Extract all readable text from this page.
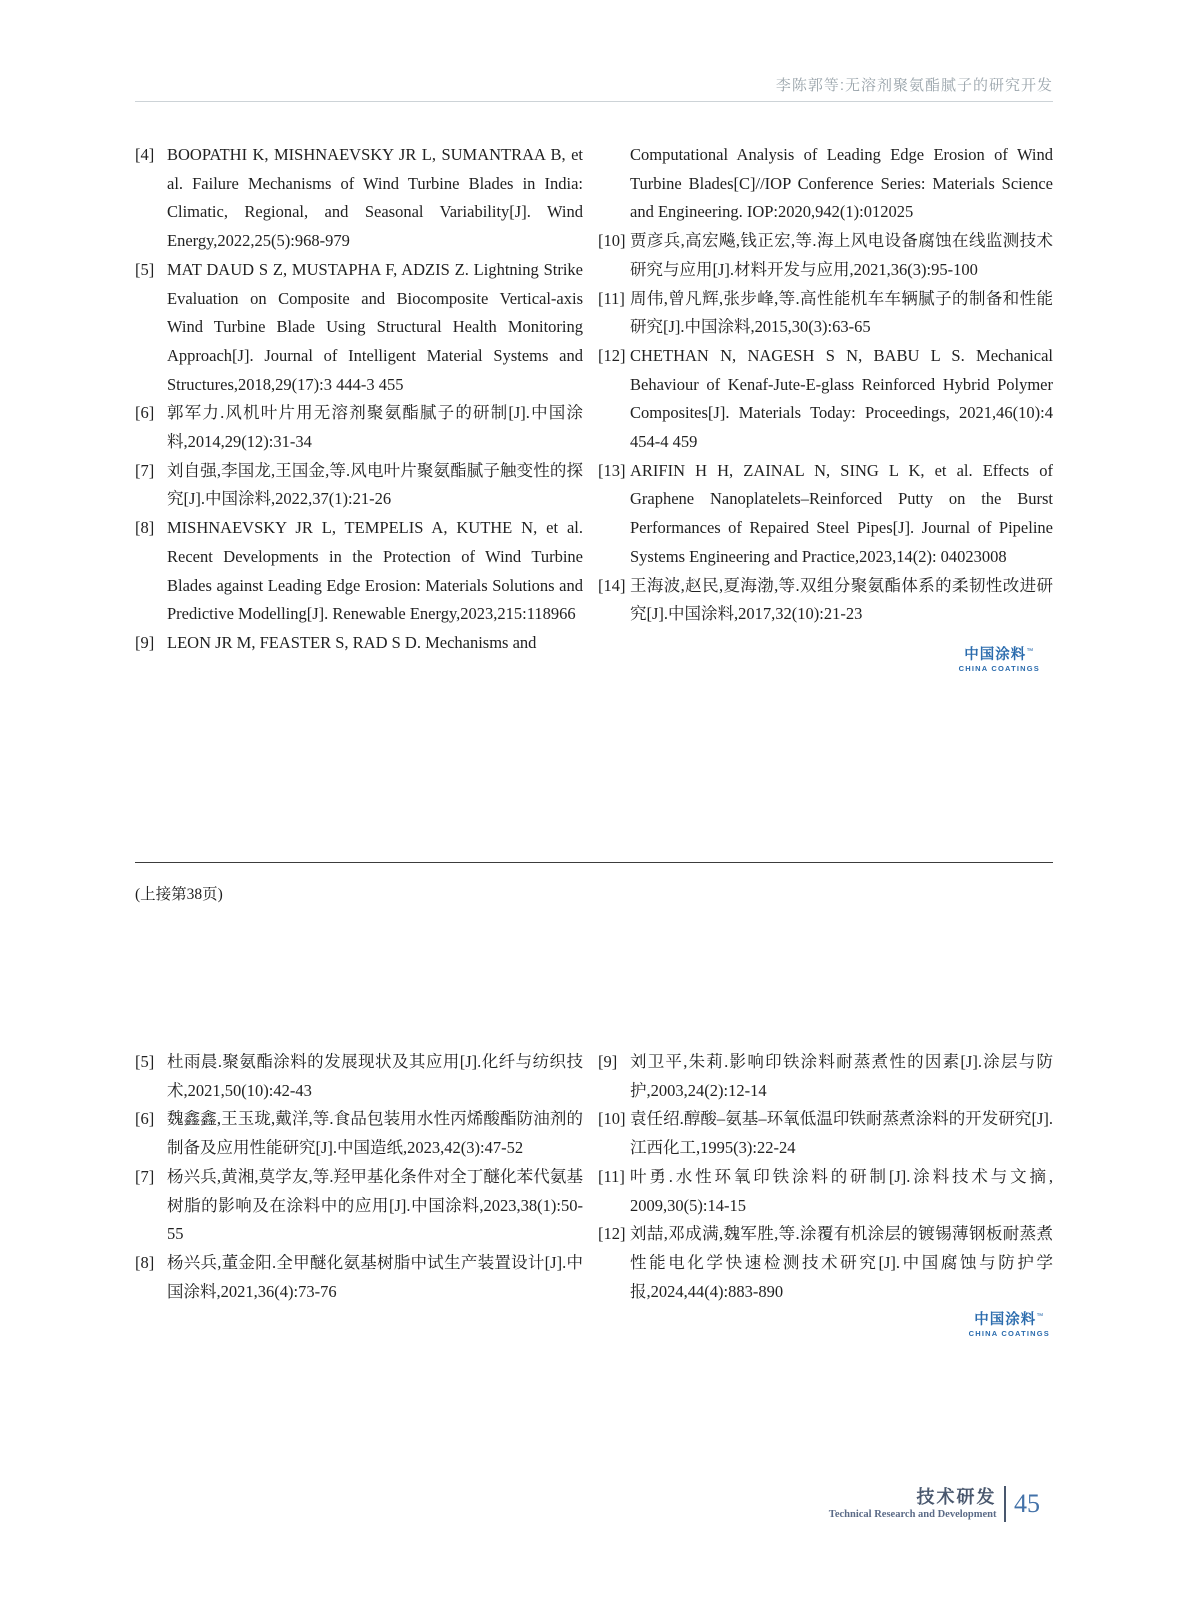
李陈郭等:无溶剂聚氨酯腻子的研究开发
[4] BOOPATHI K, MISHNAEVSKY JR L, SUMANTRAA B, et al. Failure Mechanisms of Wind Turbine Blades in India: Climatic, Regional, and Seasonal Variability[J]. Wind Energy,2022,25(5):968-979
[5] MAT DAUD S Z, MUSTAPHA F, ADZIS Z. Lightning Strike Evaluation on Composite and Biocomposite Vertical-axis Wind Turbine Blade Using Structural Health Monitoring Approach[J]. Journal of Intelligent Material Systems and Structures,2018,29(17):3 444-3 455
[6] 郭军力.风机叶片用无溶剂聚氨酯腻子的研制[J].中国涂料,2014,29(12):31-34
[7] 刘自强,李国龙,王国金,等.风电叶片聚氨酯腻子触变性的探究[J].中国涂料,2022,37(1):21-26
[8] MISHNAEVSKY JR L, TEMPELIS A, KUTHE N, et al. Recent Developments in the Protection of Wind Turbine Blades against Leading Edge Erosion: Materials Solutions and Predictive Modelling[J]. Renewable Energy,2023,215:118966
[9] LEON JR M, FEASTER S, RAD S D. Mechanisms and
Computational Analysis of Leading Edge Erosion of Wind Turbine Blades[C]//IOP Conference Series: Materials Science and Engineering. IOP:2020,942(1):012025
[10] 贾彦兵,高宏飚,钱正宏,等.海上风电设备腐蚀在线监测技术研究与应用[J].材料开发与应用,2021,36(3):95-100
[11] 周伟,曾凡辉,张步峰,等.高性能机车车辆腻子的制备和性能研究[J].中国涂料,2015,30(3):63-65
[12] CHETHAN N, NAGESH S N, BABU L S. Mechanical Behaviour of Kenaf-Jute-E-glass Reinforced Hybrid Polymer Composites[J]. Materials Today: Proceedings, 2021,46(10):4 454-4 459
[13] ARIFIN H H, ZAINAL N, SING L K, et al. Effects of Graphene Nanoplatelets–Reinforced Putty on the Burst Performances of Repaired Steel Pipes[J]. Journal of Pipeline Systems Engineering and Practice,2023,14(2): 04023008
[14] 王海波,赵民,夏海渤,等.双组分聚氨酯体系的柔韧性改进研究[J].中国涂料,2017,32(10):21-23
中国涂料™
CHINA COATINGS
(上接第38页)
[5] 杜雨晨.聚氨酯涂料的发展现状及其应用[J].化纤与纺织技术,2021,50(10):42-43
[6] 魏鑫鑫,王玉珑,戴洋,等.食品包装用水性丙烯酸酯防油剂的制备及应用性能研究[J].中国造纸,2023,42(3):47-52
[7] 杨兴兵,黄湘,莫学友,等.羟甲基化条件对全丁醚化苯代氨基树脂的影响及在涂料中的应用[J].中国涂料,2023,38(1):50-55
[8] 杨兴兵,董金阳.全甲醚化氨基树脂中试生产装置设计[J].中国涂料,2021,36(4):73-76
[9] 刘卫平,朱莉.影响印铁涂料耐蒸煮性的因素[J].涂层与防护,2003,24(2):12-14
[10] 袁任绍.醇酸–氨基–环氧低温印铁耐蒸煮涂料的开发研究[J].江西化工,1995(3):22-24
[11] 叶勇.水性环氧印铁涂料的研制[J].涂料技术与文摘, 2009,30(5):14-15
[12] 刘喆,邓成满,魏军胜,等.涂覆有机涂层的镀锡薄钢板耐蒸煮性能电化学快速检测技术研究[J].中国腐蚀与防护学报,2024,44(4):883-890
中国涂料™
CHINA COATINGS
技术研发
Technical Research and Development 45
